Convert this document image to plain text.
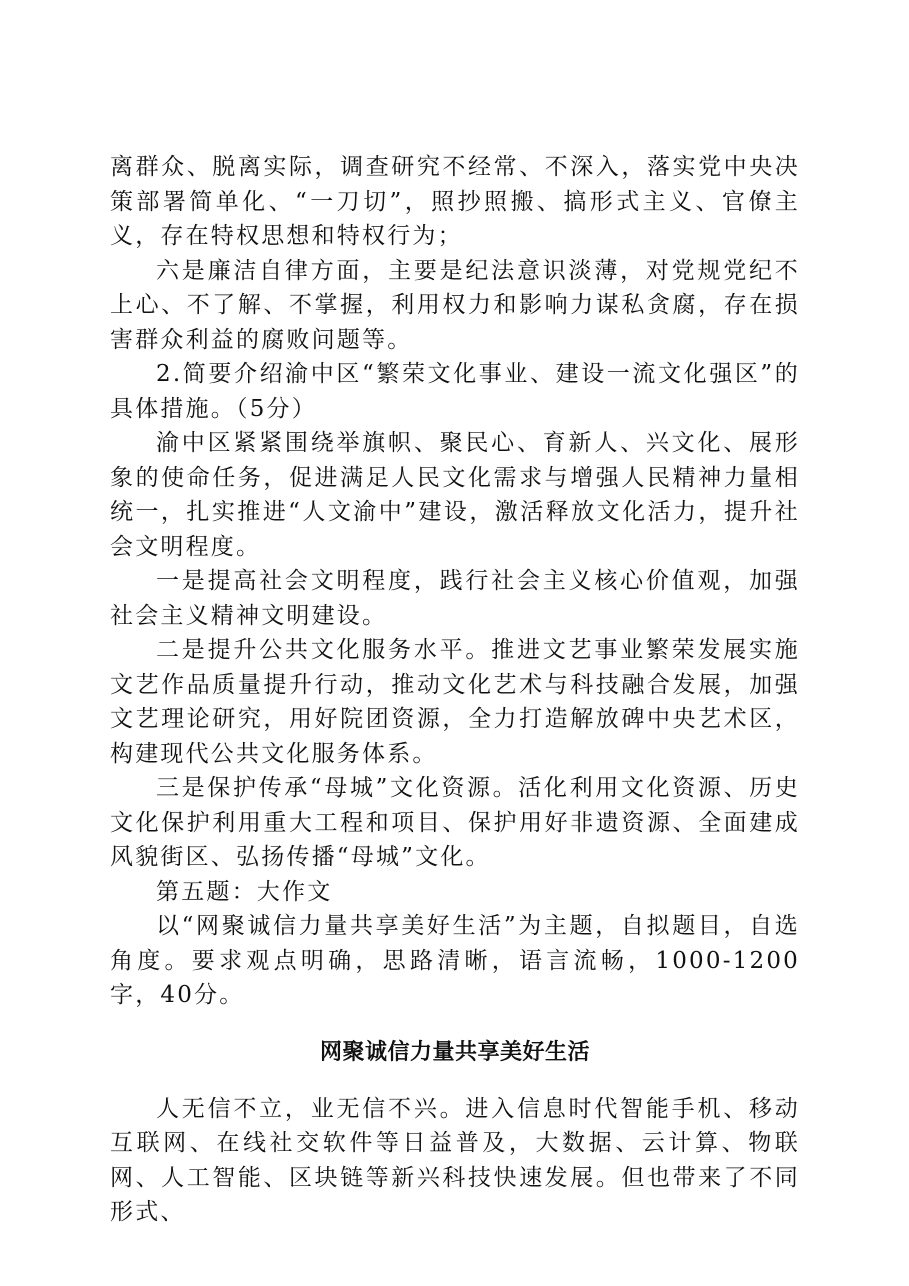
离群众、脱离实际，调查研究不经常、不深入，落实党中央决策部署简单化、“一刀切”，照抄照搬、搞形式主义、官僚主义，存在特权思想和特权行为；

六是廉洁自律方面，主要是纪法意识淡薄，对党规党纪不上心、不了解、不掌握，利用权力和影响力谋私贪腐，存在损害群众利益的腐败问题等。

2.简要介绍渝中区“繁荣文化事业、建设一流文化强区”的具体措施。（5分）

渝中区紧紧围绕举旗帜、聚民心、育新人、兴文化、展形象的使命任务，促进满足人民文化需求与增强人民精神力量相统一，扎实推进“人文渝中”建设，激活释放文化活力，提升社会文明程度。

一是提高社会文明程度，践行社会主义核心价值观，加强社会主义精神文明建设。

二是提升公共文化服务水平。推进文艺事业繁荣发展实施文艺作品质量提升行动，推动文化艺术与科技融合发展，加强文艺理论研究，用好院团资源，全力打造解放碑中央艺术区，构建现代公共文化服务体系。

三是保护传承“母城”文化资源。活化利用文化资源、历史文化保护利用重大工程和项目、保护用好非遗资源、全面建成风貌街区、弘扬传播“母城”文化。

第五题：大作文

以“网聚诚信力量共享美好生活”为主题，自拟题目，自选角度。要求观点明确，思路清晰，语言流畅，1000-1200字，40分。

网聚诚信力量共享美好生活

人无信不立，业无信不兴。进入信息时代智能手机、移动互联网、在线社交软件等日益普及，大数据、云计算、物联网、人工智能、区块链等新兴科技快速发展。但也带来了不同形式、
